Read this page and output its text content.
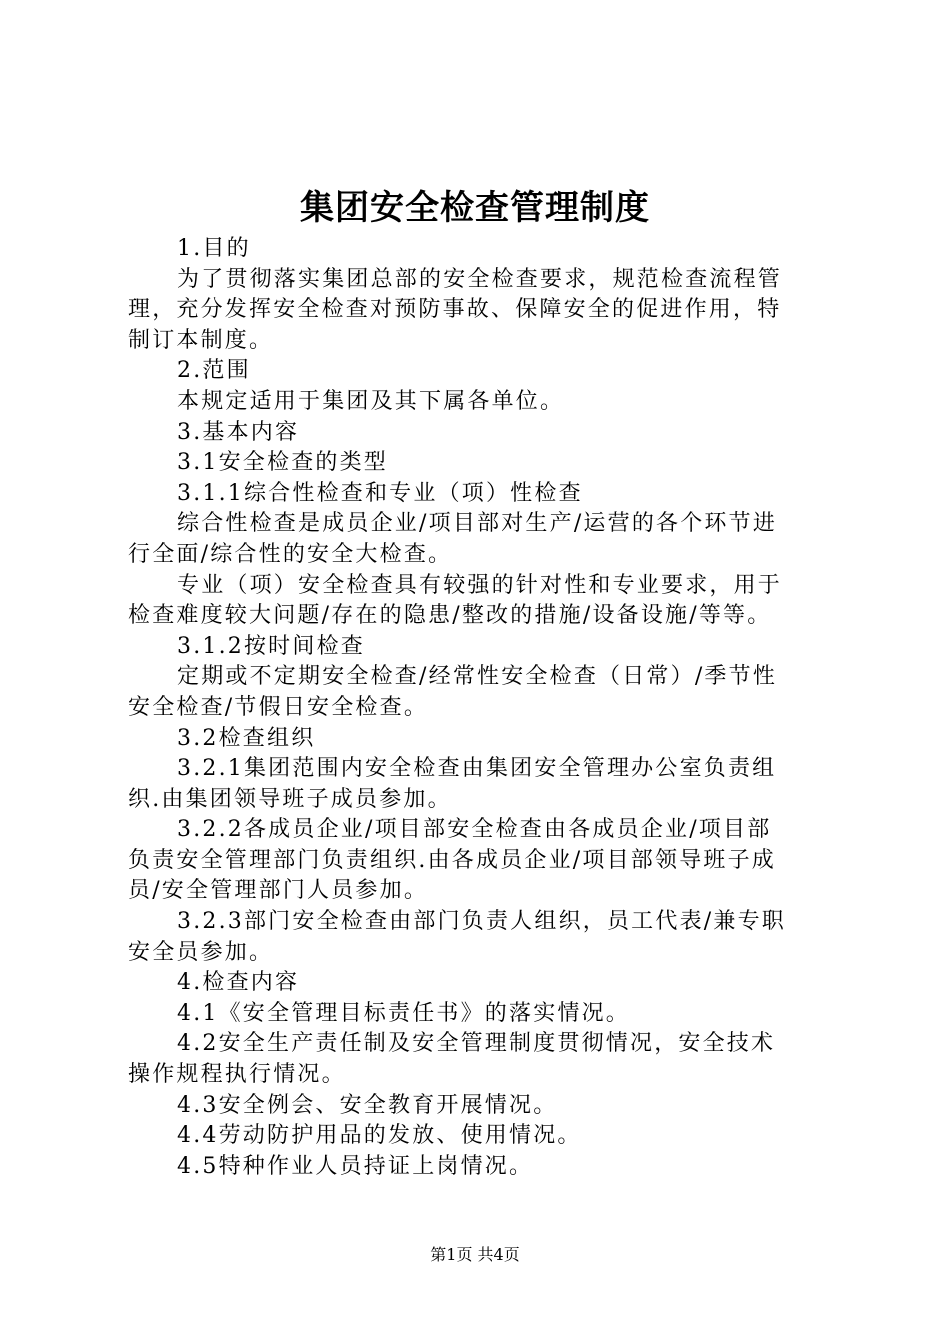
集团安全检查管理制度
1.目的
为了贯彻落实集团总部的安全检查要求，规范检查流程管
理，充分发挥安全检查对预防事故、保障安全的促进作用，特
制订本制度。
2.范围
本规定适用于集团及其下属各单位。
3.基本内容
3.1安全检查的类型
3.1.1综合性检查和专业（项）性检查
综合性检查是成员企业/项目部对生产/运营的各个环节进
行全面/综合性的安全大检查。
专业（项）安全检查具有较强的针对性和专业要求，用于
检查难度较大问题/存在的隐患/整改的措施/设备设施/等等。
3.1.2按时间检查
定期或不定期安全检查/经常性安全检查（日常）/季节性
安全检查/节假日安全检查。
3.2检查组织
3.2.1集团范围内安全检查由集团安全管理办公室负责组
织.由集团领导班子成员参加。
3.2.2各成员企业/项目部安全检查由各成员企业/项目部
负责安全管理部门负责组织.由各成员企业/项目部领导班子成
员/安全管理部门人员参加。
3.2.3部门安全检查由部门负责人组织，员工代表/兼专职
安全员参加。
4.检查内容
4.1《安全管理目标责任书》的落实情况。
4.2安全生产责任制及安全管理制度贯彻情况，安全技术
操作规程执行情况。
4.3安全例会、安全教育开展情况。
4.4劳动防护用品的发放、使用情况。
4.5特种作业人员持证上岗情况。
第1页 共4页
